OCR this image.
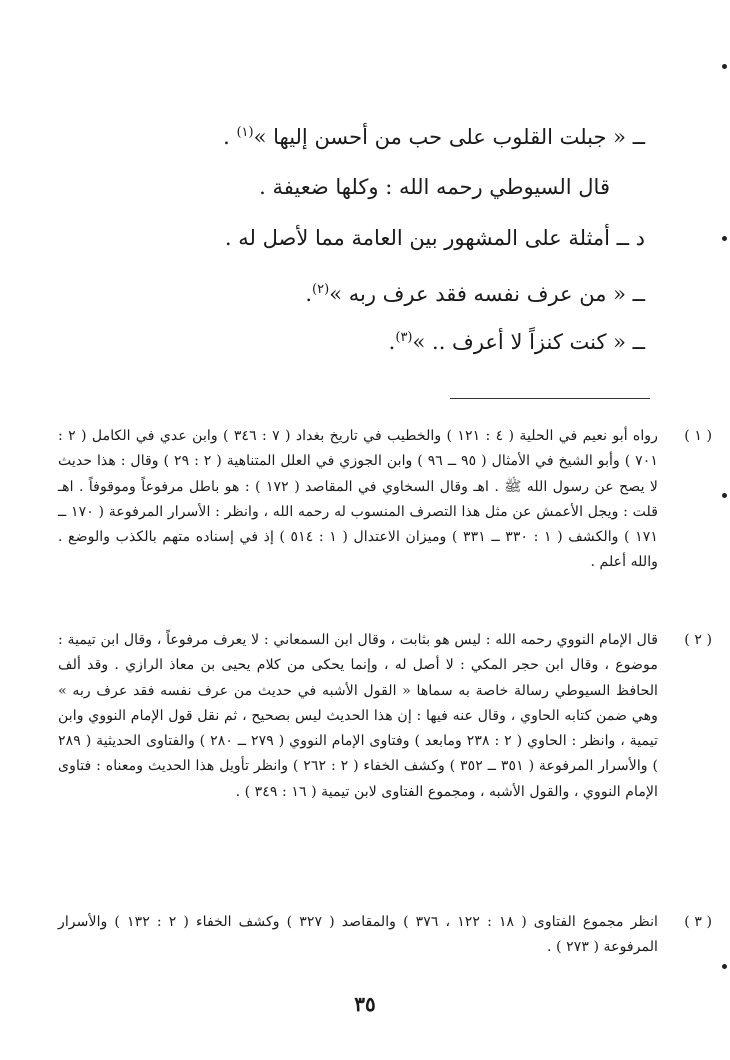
ــ « جبلت القلوب على حب من أحسن إليها »$^{(١)}$ .
قال السيوطي رحمه الله : وكلها ضعيفة .
د ــ أمثلة على المشهور بين العامة مما لأصل له .
ــ « من عرف نفسه فقد عرف ربه »$^{(٢)}$.
ــ « كنت كنزاً لا أعرف .. »$^{(٣)}$.
( ١ )

رواه أبو نعيم في الحلية ( ٤ : ١٢١ ) والخطيب في تاريخ بغداد ( ٧ : ٣٤٦ ) وابن عدي في الكامل ( ٢ : ٧٠١ ) وأبو الشيخ في الأمثال ( ٩٥ ــ ٩٦ ) وابن الجوزي في العلل المتناهية ( ٢ : ٢٩ ) وقال : هذا حديث لا يصح عن رسول الله ﷺ . اهـ وقال السخاوي في المقاصد ( ١٧٢ ) : هو باطل مرفوعاً وموقوفاً . اهـ قلت : ويجل الأعمش عن مثل هذا التصرف المنسوب له رحمه الله ، وانظر : الأسرار المرفوعة ( ١٧٠ ــ ١٧١ ) والكشف ( ١ : ٣٣٠ ــ ٣٣١ ) وميزان الاعتدال ( ١ : ٥١٤ ) إذ في إسناده متهم بالكذب والوضع . والله أعلم .

( ٢ )

قال الإمام النووي رحمه الله : ليس هو بثابت ، وقال ابن السمعاني : لا يعرف مرفوعاً ، وقال ابن تيمية : موضوع ، وقال ابن حجر المكي : لا أصل له ، وإنما يحكى من كلام يحيى بن معاذ الرازي . وقد ألف الحافظ السيوطي رسالة خاصة به سماها « القول الأشبه في حديث من عرف نفسه فقد عرف ربه » وهي ضمن كتابه الحاوي ، وقال عنه فيها : إن هذا الحديث ليس بصحيح ، ثم نقل قول الإمام النووي وابن تيمية ، وانظر : الحاوي ( ٢ : ٢٣٨ ومابعد ) وفتاوى الإمام النووي ( ٢٧٩ ــ ٢٨٠ ) والفتاوى الحديثية ( ٢٨٩ ) والأسرار المرفوعة ( ٣٥١ ــ ٣٥٢ ) وكشف الخفاء ( ٢ : ٢٦٢ ) وانظر تأويل هذا الحديث ومعناه : فتاوى الإمام النووي ، والقول الأشبه ، ومجموع الفتاوى لابن تيمية ( ١٦ : ٣٤٩ ) .

( ٣ )

انظر مجموع الفتاوى ( ١٨ : ١٢٢ ، ٣٧٦ ) والمقاصد ( ٣٢٧ ) وكشف الخفاء ( ٢ : ١٣٢ ) والأسرار المرفوعة ( ٢٧٣ ) .

٣٥
